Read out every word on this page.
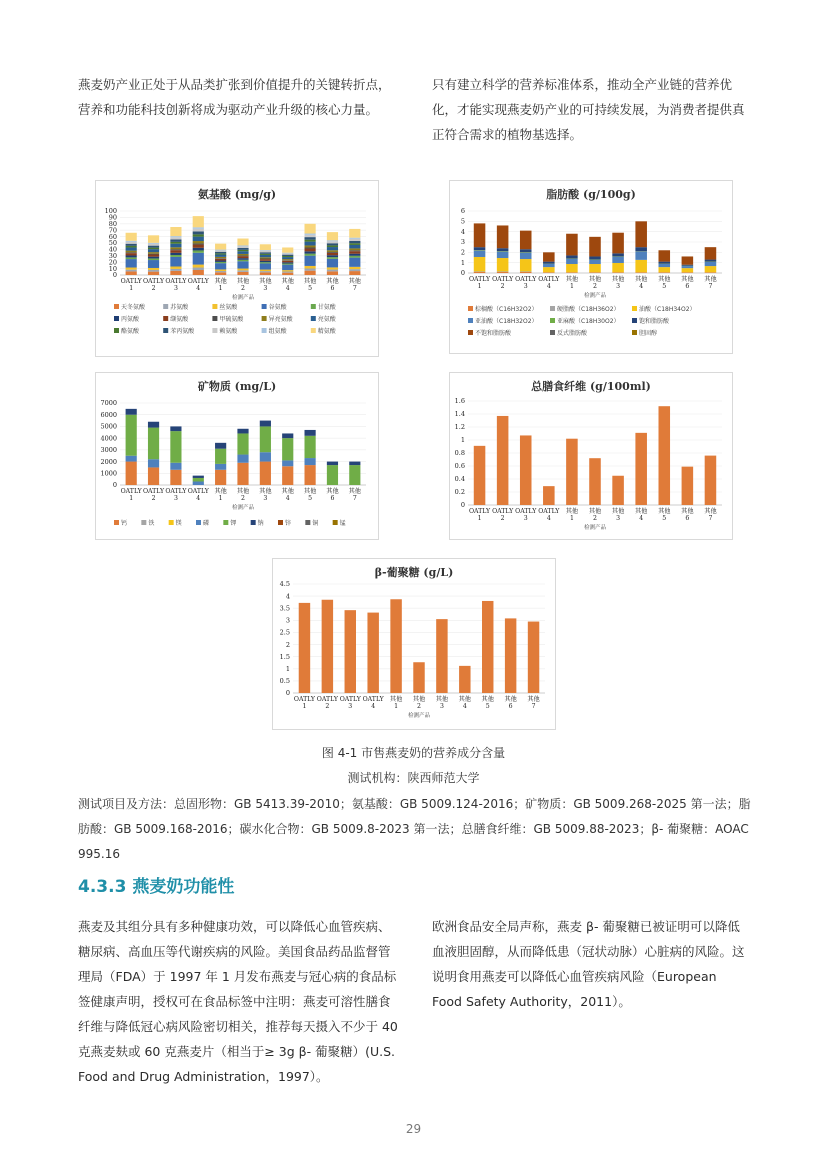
燕麦奶产业正处于从品类扩张到价值提升的关键转折点，营养和功能科技创新将成为驱动产业升级的核心力量。

只有建立科学的营养标准体系，推动全产业链的营养优化，才能实现燕麦奶产业的可持续发展，为消费者提供真正符合需求的植物基选择。

氨基酸 (mg/g)
0
10
20
30
40
50
60
70
80
90
100
OATLY
1
OATLY
2
OATLY
3
OATLY
4
其他
1
其他
2
其他
3
其他
4
其他
5
其他
6
其他
7
检测产品
天冬氨酸	苏氨酸	丝氨酸	谷氨酸	甘氨酸
丙氨酸	缬氨酸	甲硫氨酸	异亮氨酸	亮氨酸
酪氨酸	苯丙氨酸	赖氨酸	组氨酸	精氨酸
脂肪酸 (g/100g)
0
1
2
3
4
5
6
OATLY
1
OATLY
2
OATLY
3
OATLY
4
其他
1
其他
2
其他
3
其他
4
其他
5
其他
6
其他
7
检测产品
棕榈酸（C16H32O2）	硬脂酸（C18H36O2）	油酸（C18H34O2）
亚油酸（C18H32O2）	亚麻酸（C18H30O2）	饱和脂肪酸
不饱和脂肪酸	反式脂肪酸	胆固醇
矿物质 (mg/L)
0
1000
2000
3000
4000
5000
6000
7000
OATLY
1
OATLY
2
OATLY
3
OATLY
4
其他
1
其他
2
其他
3
其他
4
其他
5
其他
6
其他
7
检测产品
钙	铁	镁	磷	钾	钠	锌	铜	锰
总膳食纤维 (g/100ml)
0
0.2
0.4
0.6
0.8
1
1.2
1.4
1.6
OATLY
1
OATLY
2
OATLY
3
OATLY
4
其他
1
其他
2
其他
3
其他
4
其他
5
其他
6
其他
7
检测产品
β-葡聚糖 (g/L)
0
0.5
1
1.5
2
2.5
3
3.5
4
4.5
OATLY
1
OATLY
2
OATLY
3
OATLY
4
其他
1
其他
2
其他
3
其他
4
其他
5
其他
6
其他
7
检测产品
图 4-1 市售燕麦奶的营养成分含量
测试机构：陕西师范大学
测试项目及方法：总固形物：GB 5413.39-2010；氨基酸：GB 5009.124-2016；矿物质：GB 5009.268-2025 第一法；脂肪酸：GB 5009.168-2016；碳水化合物：GB 5009.8-2023 第一法；总膳食纤维：GB 5009.88-2023；β- 葡聚糖：AOAC 995.16
4.3.3 燕麦奶功能性

燕麦及其组分具有多种健康功效，可以降低心血管疾病、糖尿病、高血压等代谢疾病的风险。美国食品药品监督管理局（FDA）于 1997 年 1 月发布燕麦与冠心病的食品标签健康声明，授权可在食品标签中注明：燕麦可溶性膳食纤维与降低冠心病风险密切相关，推荐每天摄入不少于 40 克燕麦麸或 60 克燕麦片（相当于≥ 3g β- 葡聚糖）(U.S. Food and Drug Administration，1997）。

欧洲食品安全局声称，燕麦 β- 葡聚糖已被证明可以降低血液胆固醇，从而降低患（冠状动脉）心脏病的风险。这说明食用燕麦可以降低心血管疾病风险（European Food Safety Authority，2011）。

29
